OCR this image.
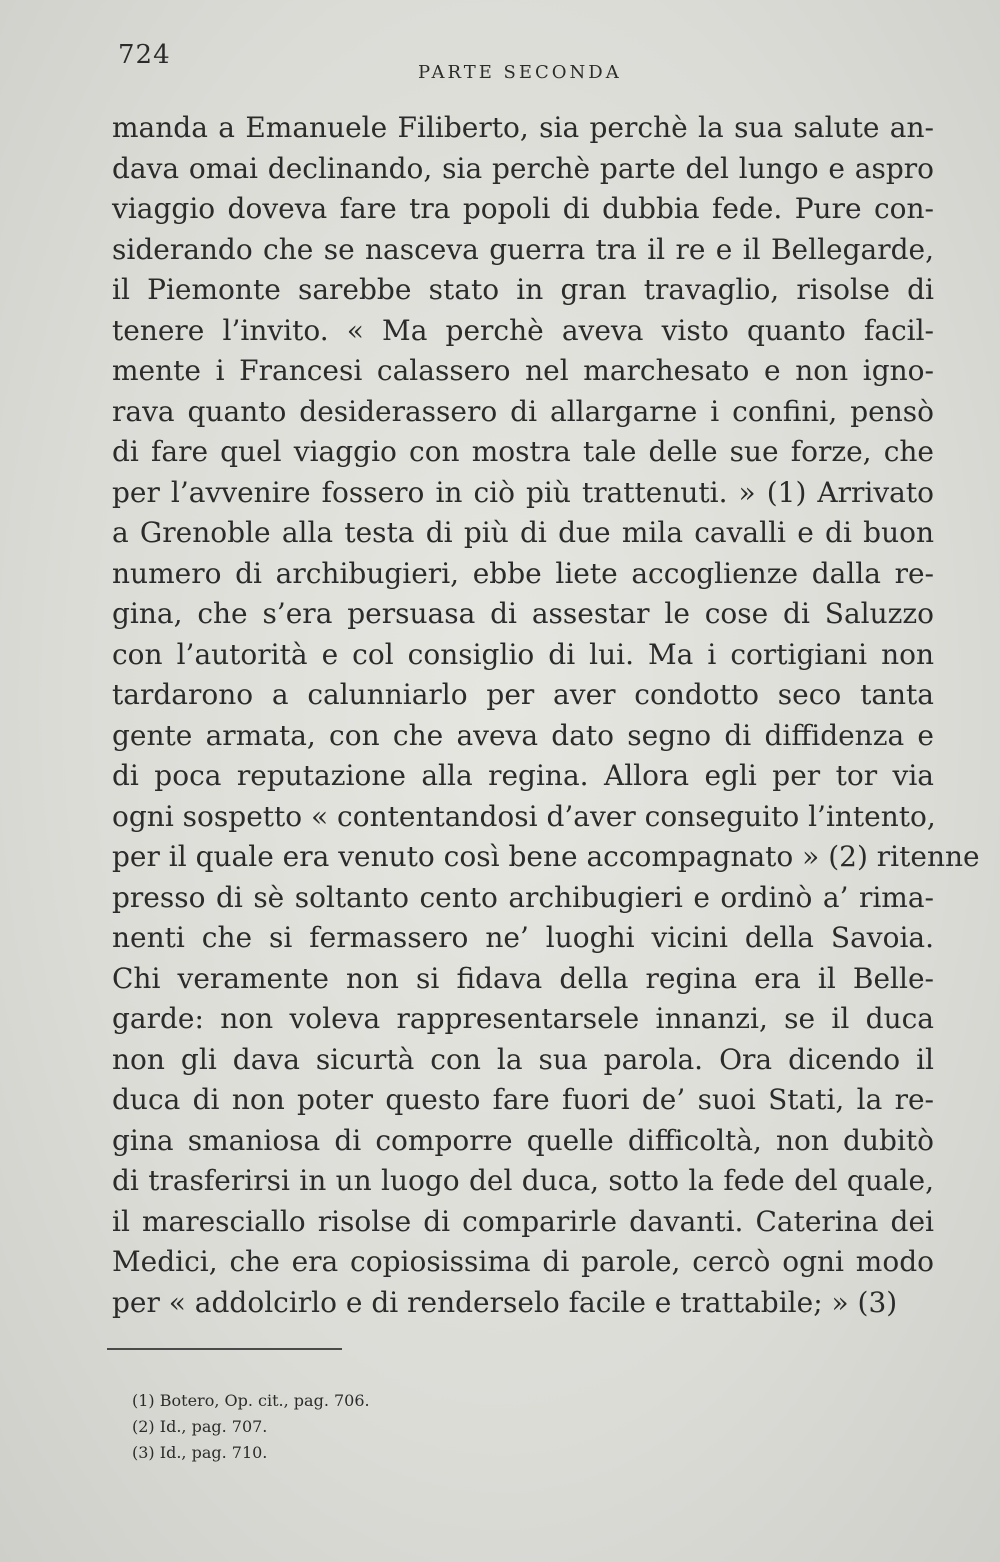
724
PARTE SECONDA
manda a Emanuele Filiberto, sia perchè la sua salute an-
dava omai declinando, sia perchè parte del lungo e aspro
viaggio doveva fare tra popoli di dubbia fede. Pure con-
siderando che se nasceva guerra tra il re e il Bellegarde,
il Piemonte sarebbe stato in gran travaglio, risolse di
tenere l’invito. « Ma perchè aveva visto quanto facil-
mente i Francesi calassero nel marchesato e non igno-
rava quanto desiderassero di allargarne i confini, pensò
di fare quel viaggio con mostra tale delle sue forze, che
per l’avvenire fossero in ciò più trattenuti. » (1) Arrivato
a Grenoble alla testa di più di due mila cavalli e di buon
numero di archibugieri, ebbe liete accoglienze dalla re-
gina, che s’era persuasa di assestar le cose di Saluzzo
con l’autorità e col consiglio di lui. Ma i cortigiani non
tardarono a calunniarlo per aver condotto seco tanta
gente armata, con che aveva dato segno di diffidenza e
di poca reputazione alla regina. Allora egli per tor via
ogni sospetto « contentandosi d’aver conseguito l’intento,
per il quale era venuto così bene accompagnato » (2) ritenne
presso di sè soltanto cento archibugieri e ordinò a’ rima-
nenti che si fermassero ne’ luoghi vicini della Savoia.
Chi veramente non si fidava della regina era il Belle-
garde: non voleva rappresentarsele innanzi, se il duca
non gli dava sicurtà con la sua parola. Ora dicendo il
duca di non poter questo fare fuori de’ suoi Stati, la re-
gina smaniosa di comporre quelle difficoltà, non dubitò
di trasferirsi in un luogo del duca, sotto la fede del quale,
il maresciallo risolse di comparirle davanti. Caterina dei
Medici, che era copiosissima di parole, cercò ogni modo
per « addolcirlo e di renderselo facile e trattabile; » (3)
(1) Botero, Op. cit., pag. 706.
(2) Id., pag. 707.
(3) Id., pag. 710.
